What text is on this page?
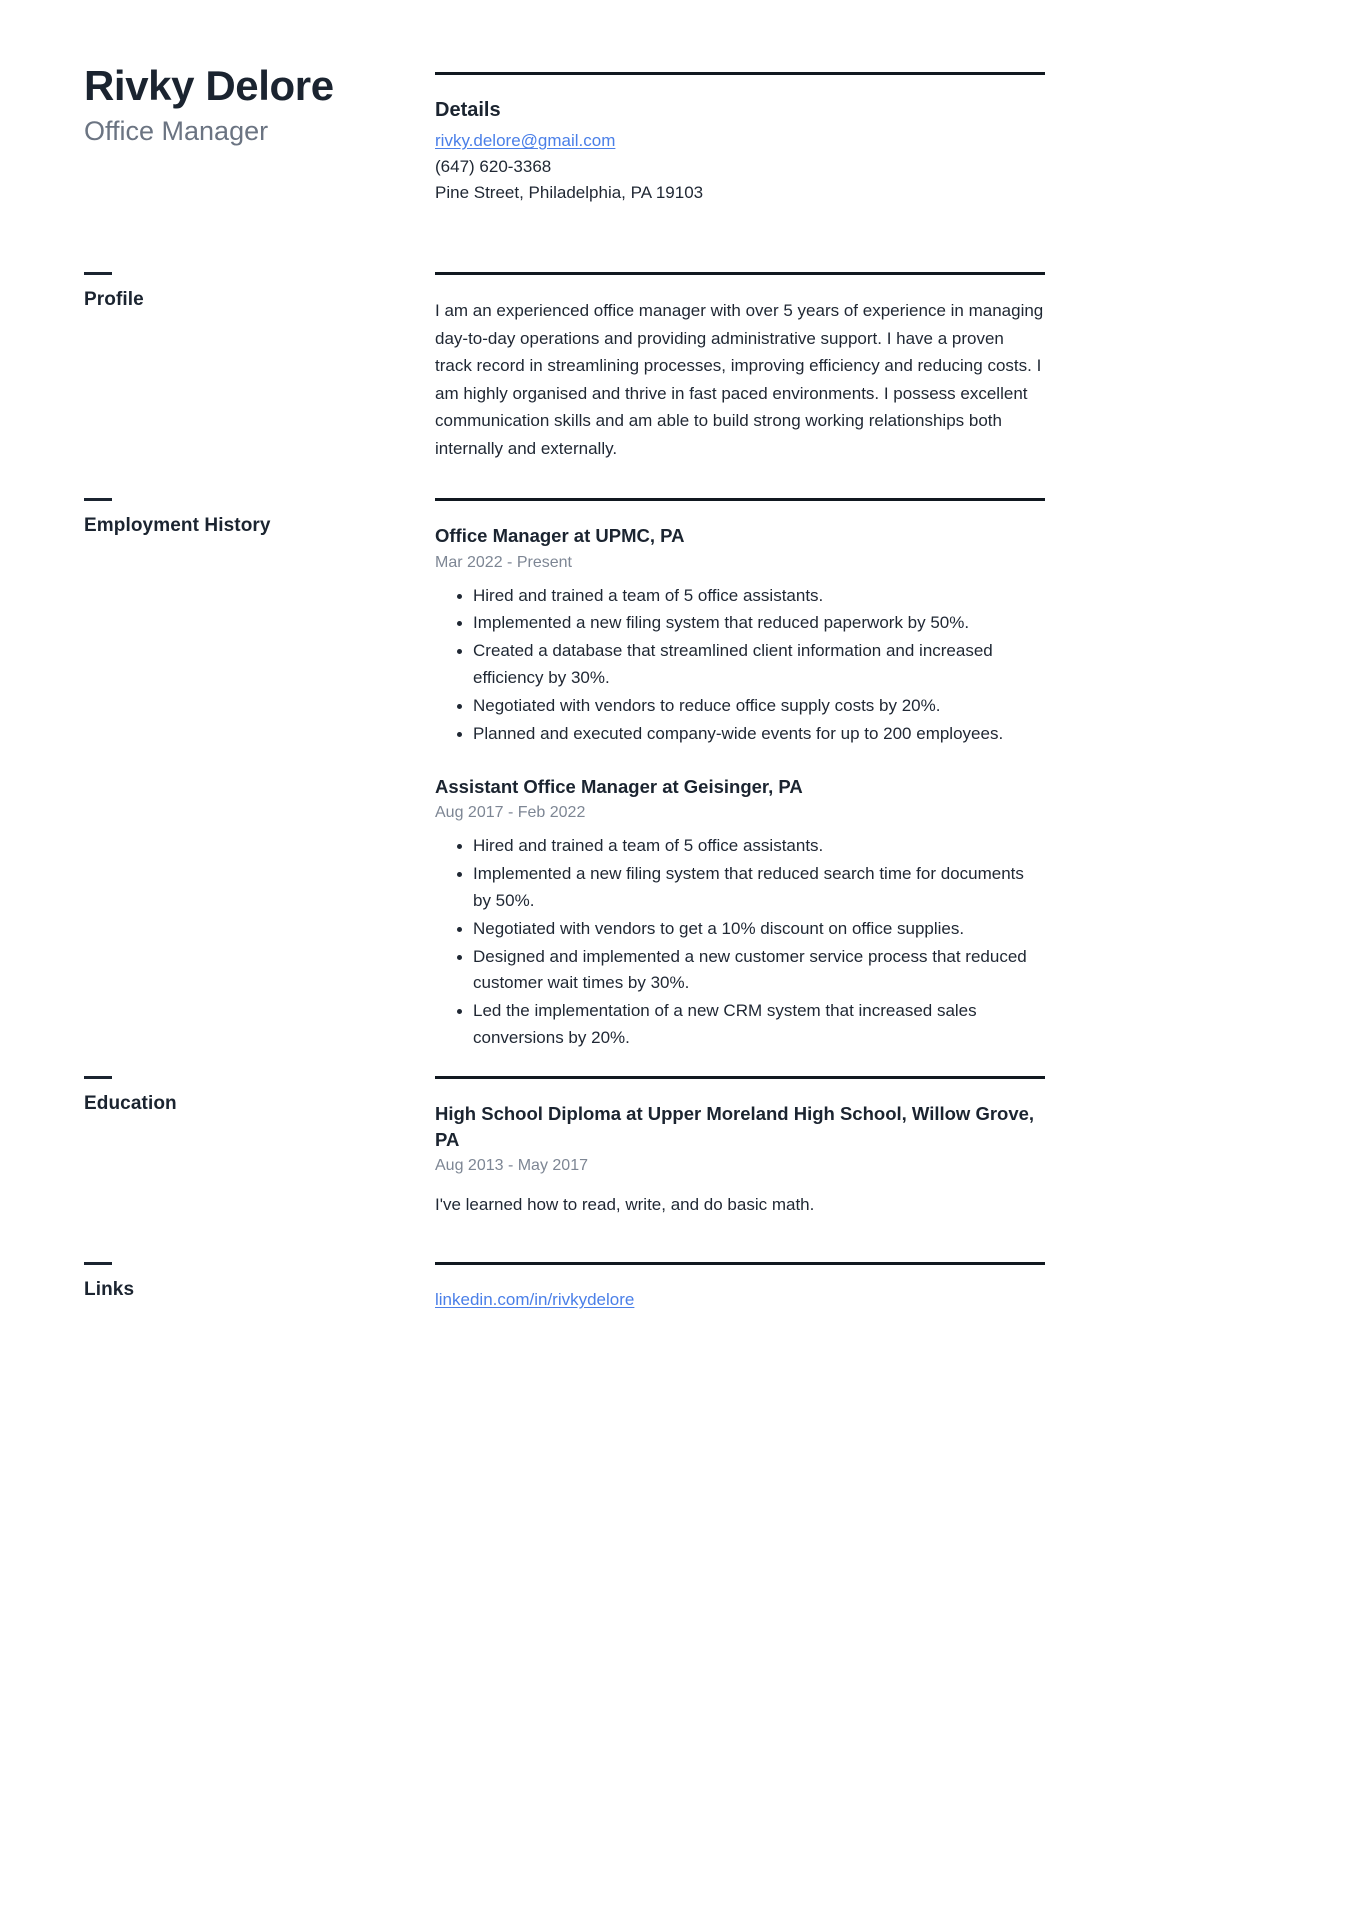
Rivky Delore
Office Manager
Details
rivky.delore@gmail.com
(647) 620-3368
Pine Street, Philadelphia, PA 19103
Profile
I am an experienced office manager with over 5 years of experience in managing day-to-day operations and providing administrative support. I have a proven track record in streamlining processes, improving efficiency and reducing costs. I am highly organised and thrive in fast paced environments. I possess excellent communication skills and am able to build strong working relationships both internally and externally.
Employment History	Office Manager at UPMC, PA
Mar 2022 - Present
Hired and trained a team of 5 office assistants.
Implemented a new filing system that reduced paperwork by 50%.
Created a database that streamlined client information and increased efficiency by 30%.
Negotiated with vendors to reduce office supply costs by 20%.
Planned and executed company-wide events for up to 200 employees.
Assistant Office Manager at Geisinger, PA
Aug 2017 - Feb 2022
Hired and trained a team of 5 office assistants.
Implemented a new filing system that reduced search time for documents by 50%.
Negotiated with vendors to get a 10% discount on office supplies.
Designed and implemented a new customer service process that reduced customer wait times by 30%.
Led the implementation of a new CRM system that increased sales conversions by 20%.
Education	High School Diploma at Upper Moreland High School, Willow Grove, PA
Aug 2013 - May 2017
I've learned how to read, write, and do basic math.
Links	linkedin.com/in/rivkydelore
